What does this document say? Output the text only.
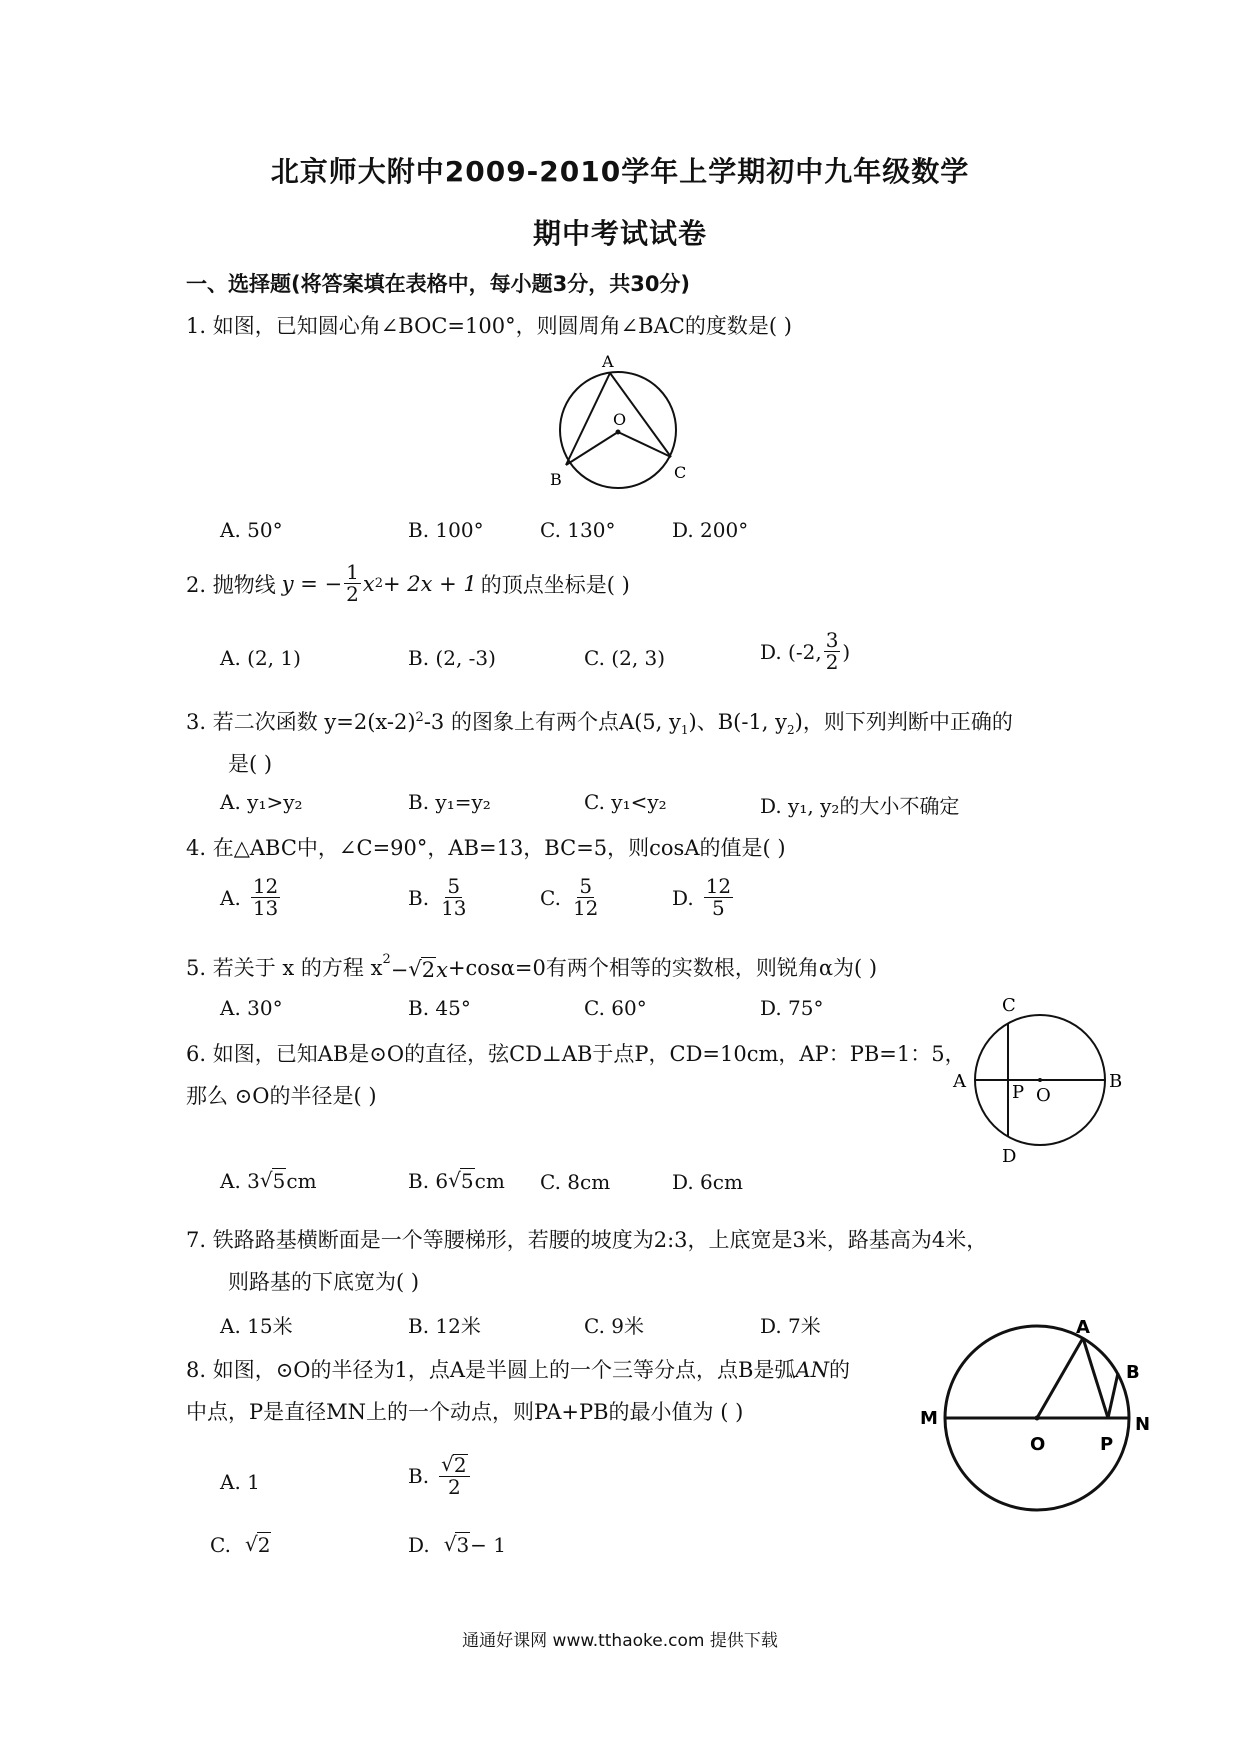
北京师大附中2009-2010学年上学期初中九年级数学
期中考试试卷
一、选择题(将答案填在表格中，每小题3分，共30分)
1. 如图，已知圆心角∠BOC=100°，则圆周角∠BAC的度数是( )
A
O
B	C
A. 50°	B. 100°	C. 130°	D. 200°
2. 抛物线 y = − $\frac{1}{2}$ x 2 + 2x + 1 的顶点坐标是( )
A. (2, 1)	B. (2, -3)	C. (2, 3)	D. (-2, $\frac{3}{2}$ )
3. 若二次函数 $y=2(x-2)^2-3$ 的图象上有两个点A(5, $y_1$)、B(-1, $y_2$)，则下列判断中正确的
是( )
A. y₁>y₂	B. y₁=y₂	C. y₁<y₂	D. y₁, y₂的大小不确定
4. 在△ABC中，∠C=90°，AB=13，BC=5，则cosA的值是( )
A. $\frac{12}{13}$	B. $\frac{5}{13}$	C. $\frac{5}{12}$	D. $\frac{12}{5}$
5. 若关于 x 的方程 $x^2$ − √ 2 x +cosα=0有两个相等的实数根，则锐角α为( )
A. 30°	B. 45°	C. 60°	D. 75°
6. 如图，已知AB是⊙O的直径，弦CD⊥AB于点P，CD=10cm，AP：PB=1：5，
那么 ⊙O的半径是( )
C
A
P O
B
D
A. 3 √ 5 cm	B. 6 √ 5 cm C. 8cm	D. 6cm
7. 铁路路基横断面是一个等腰梯形，若腰的坡度为2:3，上底宽是3米，路基高为4米，
则路基的下底宽为( )
A. 15米	B. 12米	C. 9米	D. 7米
8. 如图，⊙O的半径为1，点A是半圆上的一个三等分点，点B是弧AN的
中点，P是直径MN上的一个动点，则PA+PB的最小值为 ( )
A
B
M	N
O	P
A. 1	B. $\frac{√ 2}{2}$
C. √ 2	D. √ 3 − 1
通通好课网 www.tthaoke.com 提供下载
